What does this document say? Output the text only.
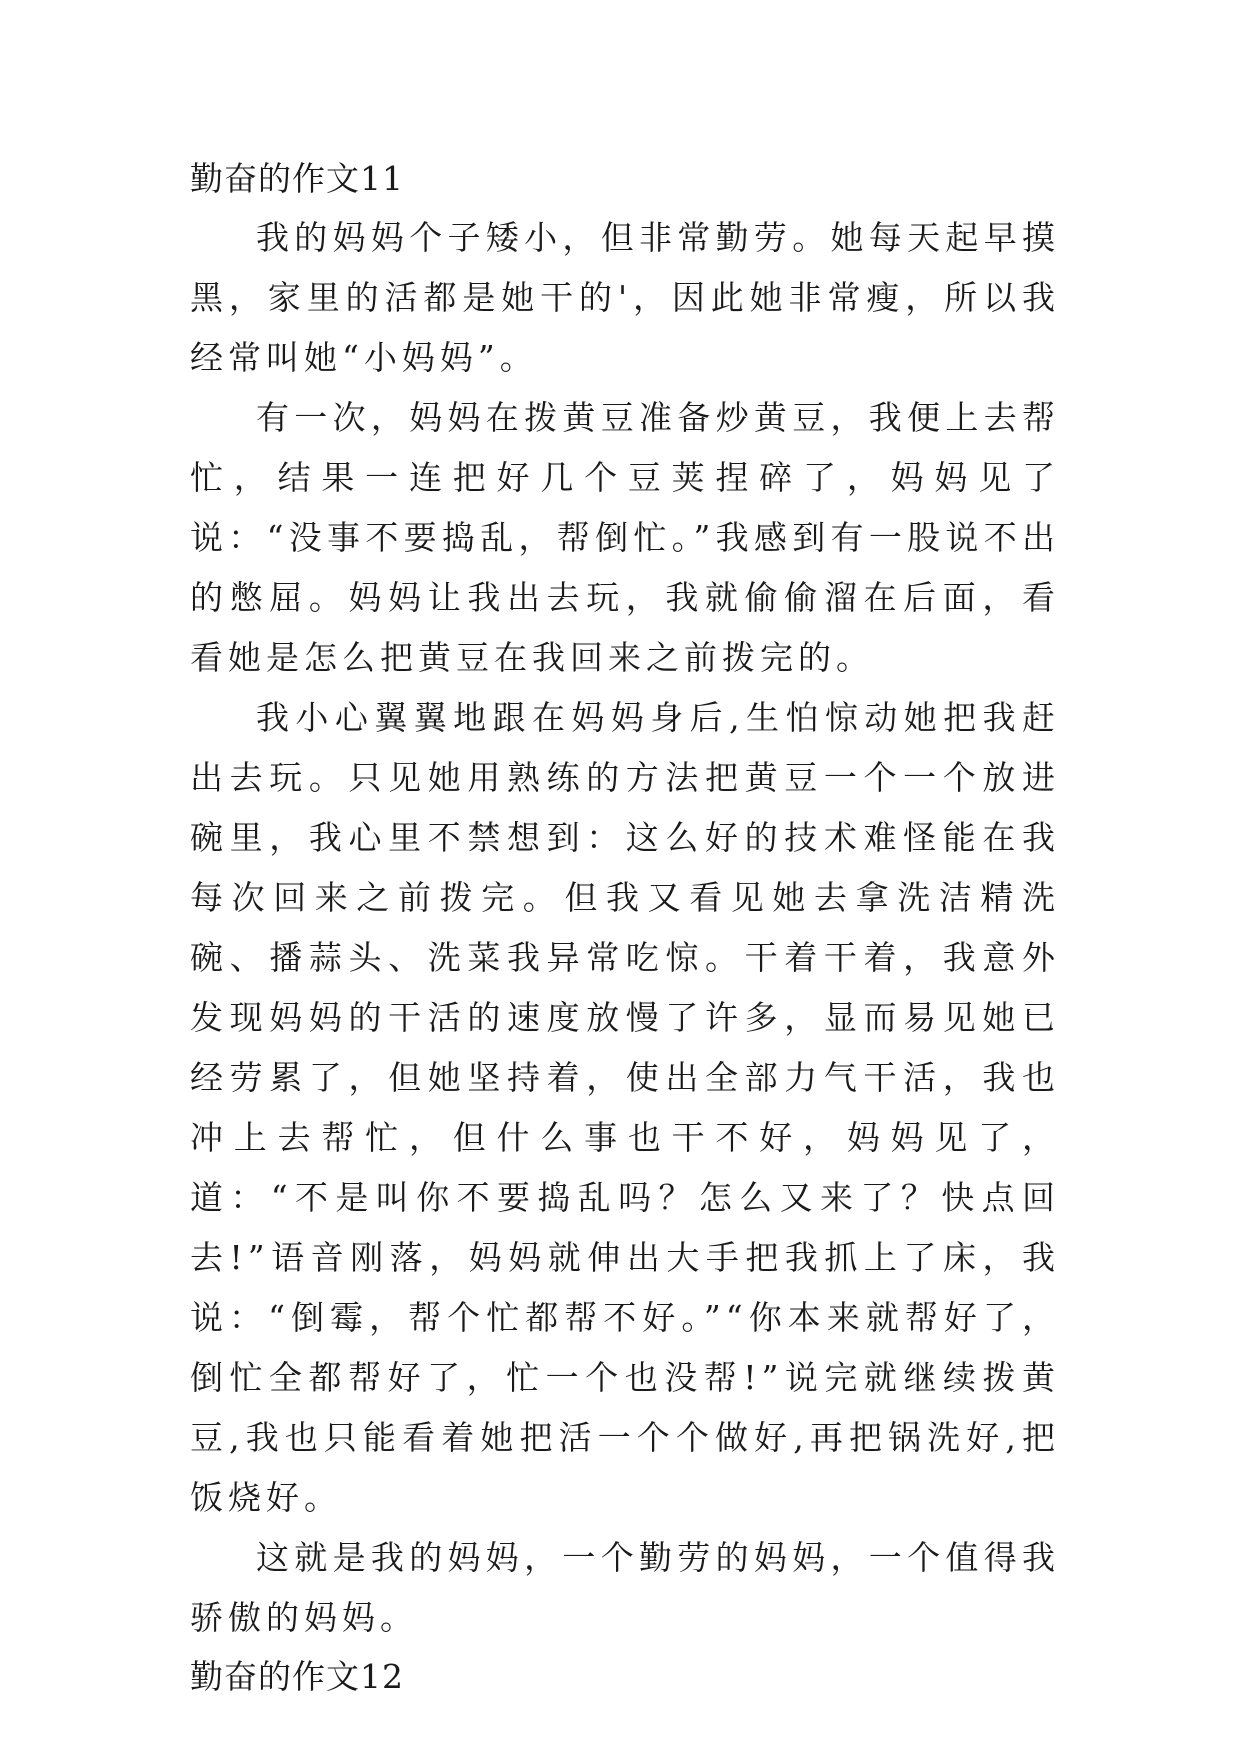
勤奋的作文11

我的妈妈个子矮小，但非常勤劳。她每天起早摸黑，家里的活都是她干的'，因此她非常瘦，所以我经常叫她“小妈妈”。

有一次，妈妈在拨黄豆准备炒黄豆，我便上去帮忙，结果一连把好几个豆荚捏碎了，妈妈见了说：“没事不要捣乱，帮倒忙。”我感到有一股说不出的憋屈。妈妈让我出去玩，我就偷偷溜在后面，看看她是怎么把黄豆在我回来之前拨完的。

我小心翼翼地跟在妈妈身后,生怕惊动她把我赶出去玩。只见她用熟练的方法把黄豆一个一个放进碗里，我心里不禁想到：这么好的技术难怪能在我每次回来之前拨完。但我又看见她去拿洗洁精洗碗、播蒜头、洗菜我异常吃惊。干着干着，我意外发现妈妈的干活的速度放慢了许多，显而易见她已经劳累了，但她坚持着，使出全部力气干活，我也冲上去帮忙，但什么事也干不好，妈妈见了，道：“不是叫你不要捣乱吗？怎么又来了？快点回去!”语音刚落，妈妈就伸出大手把我抓上了床，我说：“倒霉，帮个忙都帮不好。”“你本来就帮好了，倒忙全都帮好了，忙一个也没帮!”说完就继续拨黄豆,我也只能看着她把活一个个做好,再把锅洗好,把饭烧好。

这就是我的妈妈，一个勤劳的妈妈，一个值得我骄傲的妈妈。

勤奋的作文12
